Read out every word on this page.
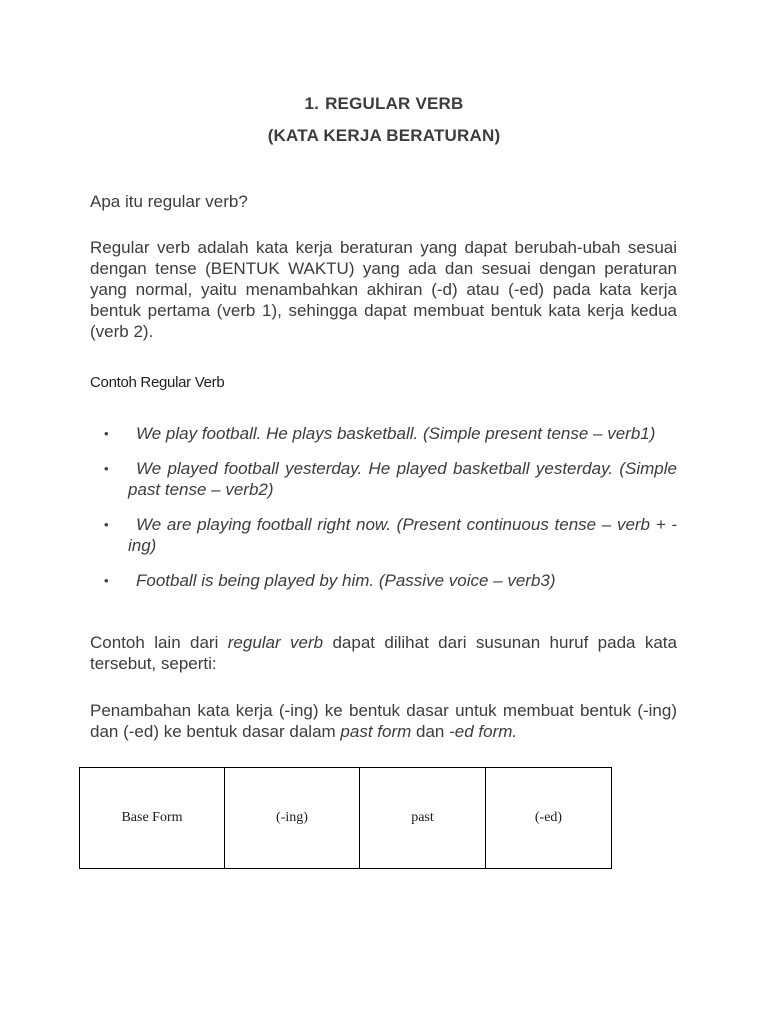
1. REGULAR VERB
(KATA KERJA BERATURAN)
Apa itu regular verb?
Regular verb adalah kata kerja beraturan yang dapat berubah-ubah sesuai dengan tense (BENTUK WAKTU) yang ada dan sesuai dengan peraturan yang normal, yaitu menambahkan akhiran (-d) atau (-ed) pada kata kerja bentuk pertama (verb 1), sehingga dapat membuat bentuk kata kerja kedua (verb 2).
Contoh Regular Verb
• We play football. He plays basketball. (Simple present tense – verb1)
• We played football yesterday. He played basketball yesterday. (Simple past tense – verb2)
• We are playing football right now. (Present continuous tense – verb + -ing)
• Football is being played by him. (Passive voice – verb3)
Contoh lain dari regular verb dapat dilihat dari susunan huruf pada kata tersebut, seperti:
Penambahan kata kerja (-ing) ke bentuk dasar untuk membuat bentuk (-ing) dan (-ed) ke bentuk dasar dalam past form dan -ed form.
Base Form	(-ing)	past	(-ed)
